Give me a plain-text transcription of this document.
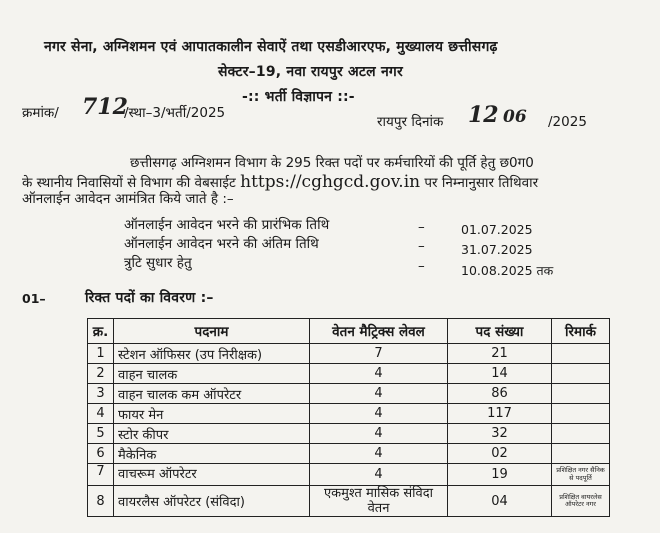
नगर सेना, अग्निशमन एवं आपातकालीन सेवाऐं तथा एसडीआरएफ, मुख्यालय छत्तीसगढ़
सेक्टर–19, नवा रायपुर अटल नगर
-:: भर्ती विज्ञापन ::-
क्रमांक/ 712
/स्था–3/भर्ती/2025
रायपुर दिनांक 12 06 /2025
छत्तीसगढ़ अग्निशमन विभाग के 295 रिक्त पदों पर कर्मचारियों की पूर्ति हेतु छ0ग0
के स्थानीय निवासियों से विभाग की वेबसाईट https://cghgcd.gov.in पर निम्नानुसार तिथिवार
ऑनलाईन आवेदन आमंत्रित किये जाते है :–
ऑनलाईन आवेदन भरने की प्रारंभिक तिथि	–	01.07.2025
ऑनलाईन आवेदन भरने की अंतिम तिथि	–	31.07.2025
त्रुटि सुधार हेतु	–	10.08.2025 तक
01–	रिक्त पदों का विवरण :–
क्र.	पदनाम	वेतन मैट्रिक्स लेवल	पद संख्या	रिमार्क
1	स्टेशन ऑफिसर (उप निरीक्षक)	7	21	
2	वाहन चालक	4	14	
3	वाहन चालक कम ऑपरेटर	4	86	
4	फायर मेन	4	117	
5	स्टोर कीपर	4	32	
6	मैकेनिक	4	02	
7	वाचरूम ऑपरेटर	4	19	प्रशिक्षित नगर सैनिक से पदपूर्ति
8	वायरलैस ऑपरेटर (संविदा)	एकमुश्त मासिक संविदा वेतन	04	प्रशिक्षित वायरलेस ऑपरेटर नगर
